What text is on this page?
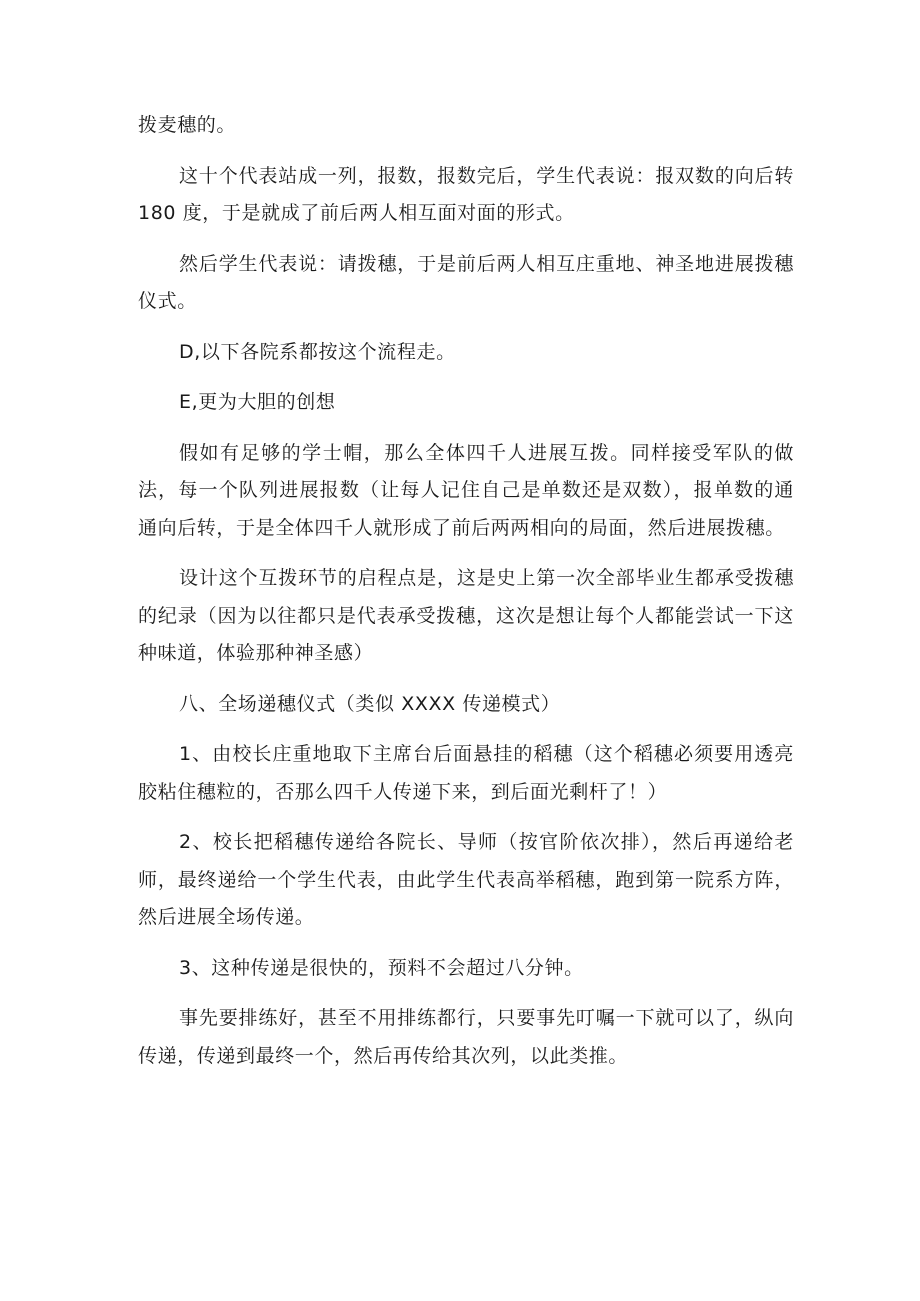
拨麦穗的。

这十个代表站成一列，报数，报数完后，学生代表说：报双数的向后转 180 度，于是就成了前后两人相互面对面的形式。

然后学生代表说：请拨穗，于是前后两人相互庄重地、神圣地进展拨穗仪式。

D,以下各院系都按这个流程走。

E,更为大胆的创想

假如有足够的学士帽，那么全体四千人进展互拨。同样接受军队的做法，每一个队列进展报数（让每人记住自己是单数还是双数），报单数的通通向后转，于是全体四千人就形成了前后两两相向的局面，然后进展拨穗。

设计这个互拨环节的启程点是，这是史上第一次全部毕业生都承受拨穗的纪录（因为以往都只是代表承受拨穗，这次是想让每个人都能尝试一下这种味道，体验那种神圣感）

八、全场递穗仪式（类似 XXXX 传递模式）

1、由校长庄重地取下主席台后面悬挂的稻穗（这个稻穗必须要用透亮胶粘住穗粒的，否那么四千人传递下来，到后面光剩杆了！）

2、校长把稻穗传递给各院长、导师（按官阶依次排），然后再递给老师，最终递给一个学生代表，由此学生代表高举稻穗，跑到第一院系方阵，然后进展全场传递。

3、这种传递是很快的，预料不会超过八分钟。

事先要排练好，甚至不用排练都行，只要事先叮嘱一下就可以了，纵向传递，传递到最终一个，然后再传给其次列，以此类推。
